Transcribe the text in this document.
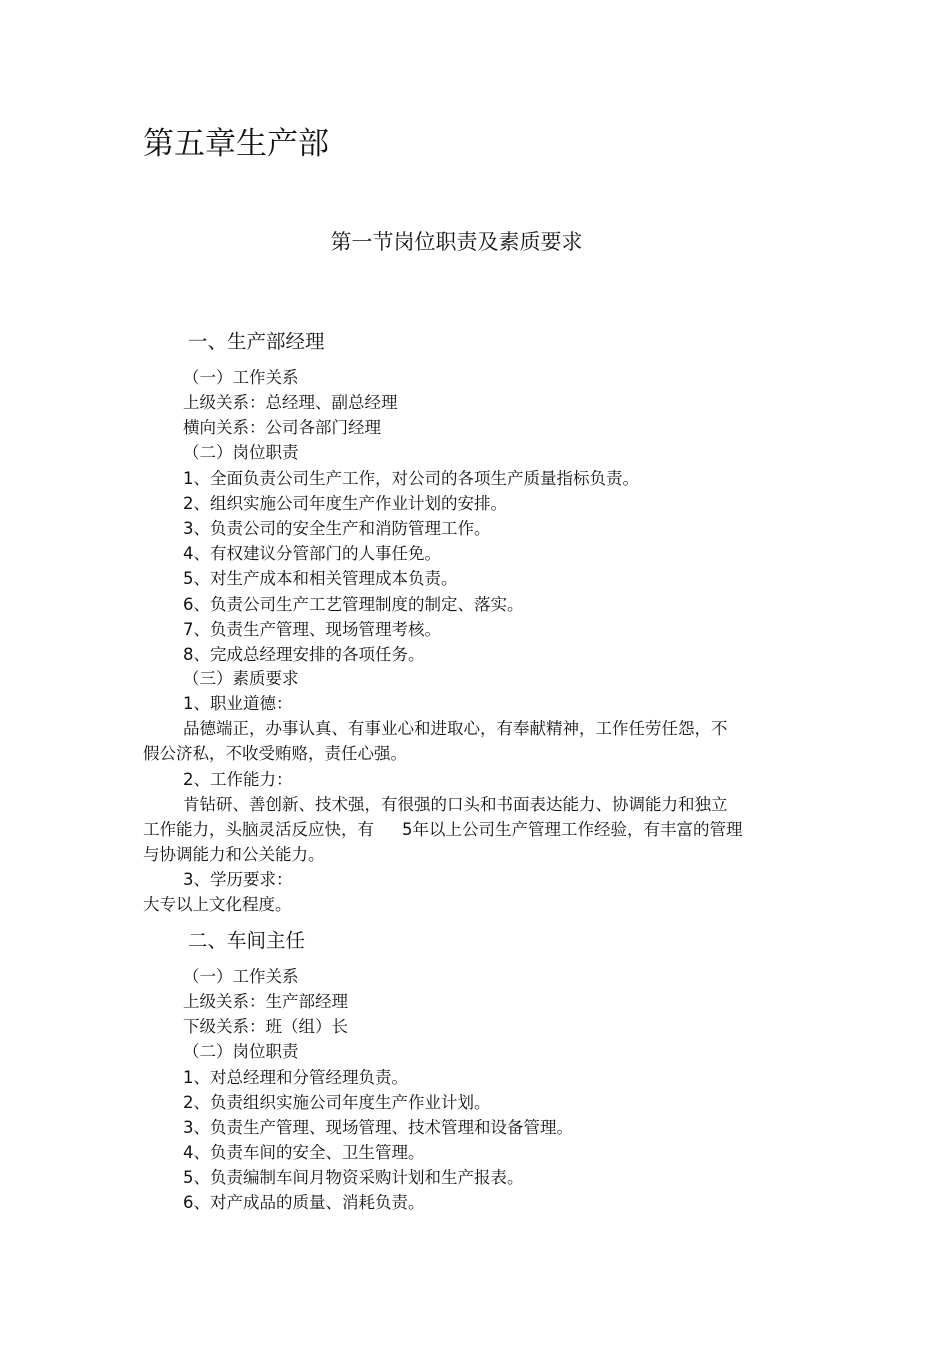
第五章生产部
第一节岗位职责及素质要求
一、生产部经理

（一）工作关系

上级关系：总经理、副总经理

横向关系：公司各部门经理

（二）岗位职责

1、全面负责公司生产工作，对公司的各项生产质量指标负责。

2、组织实施公司年度生产作业计划的安排。

3、负责公司的安全生产和消防管理工作。

4、有权建议分管部门的人事任免。

5、对生产成本和相关管理成本负责。

6、负责公司生产工艺管理制度的制定、落实。

7、负责生产管理、现场管理考核。

8、完成总经理安排的各项任务。

（三）素质要求

1、职业道德：

品德端正，办事认真、有事业心和进取心，有奉献精神，工作任劳任怨，不

假公济私，不收受贿赂，责任心强。

2、工作能力：

肯钻研、善创新、技术强，有很强的口头和书面表达能力、协调能力和独立

工作能力，头脑灵活反应快，有 5年以上公司生产管理工作经验，有丰富的管理

与协调能力和公关能力。

3、学历要求：

大专以上文化程度。

二、车间主任

（一）工作关系

上级关系：生产部经理

下级关系：班（组）长

（二）岗位职责

1、对总经理和分管经理负责。

2、负责组织实施公司年度生产作业计划。

3、负责生产管理、现场管理、技术管理和设备管理。

4、负责车间的安全、卫生管理。

5、负责编制车间月物资采购计划和生产报表。

6、对产成品的质量、消耗负责。
